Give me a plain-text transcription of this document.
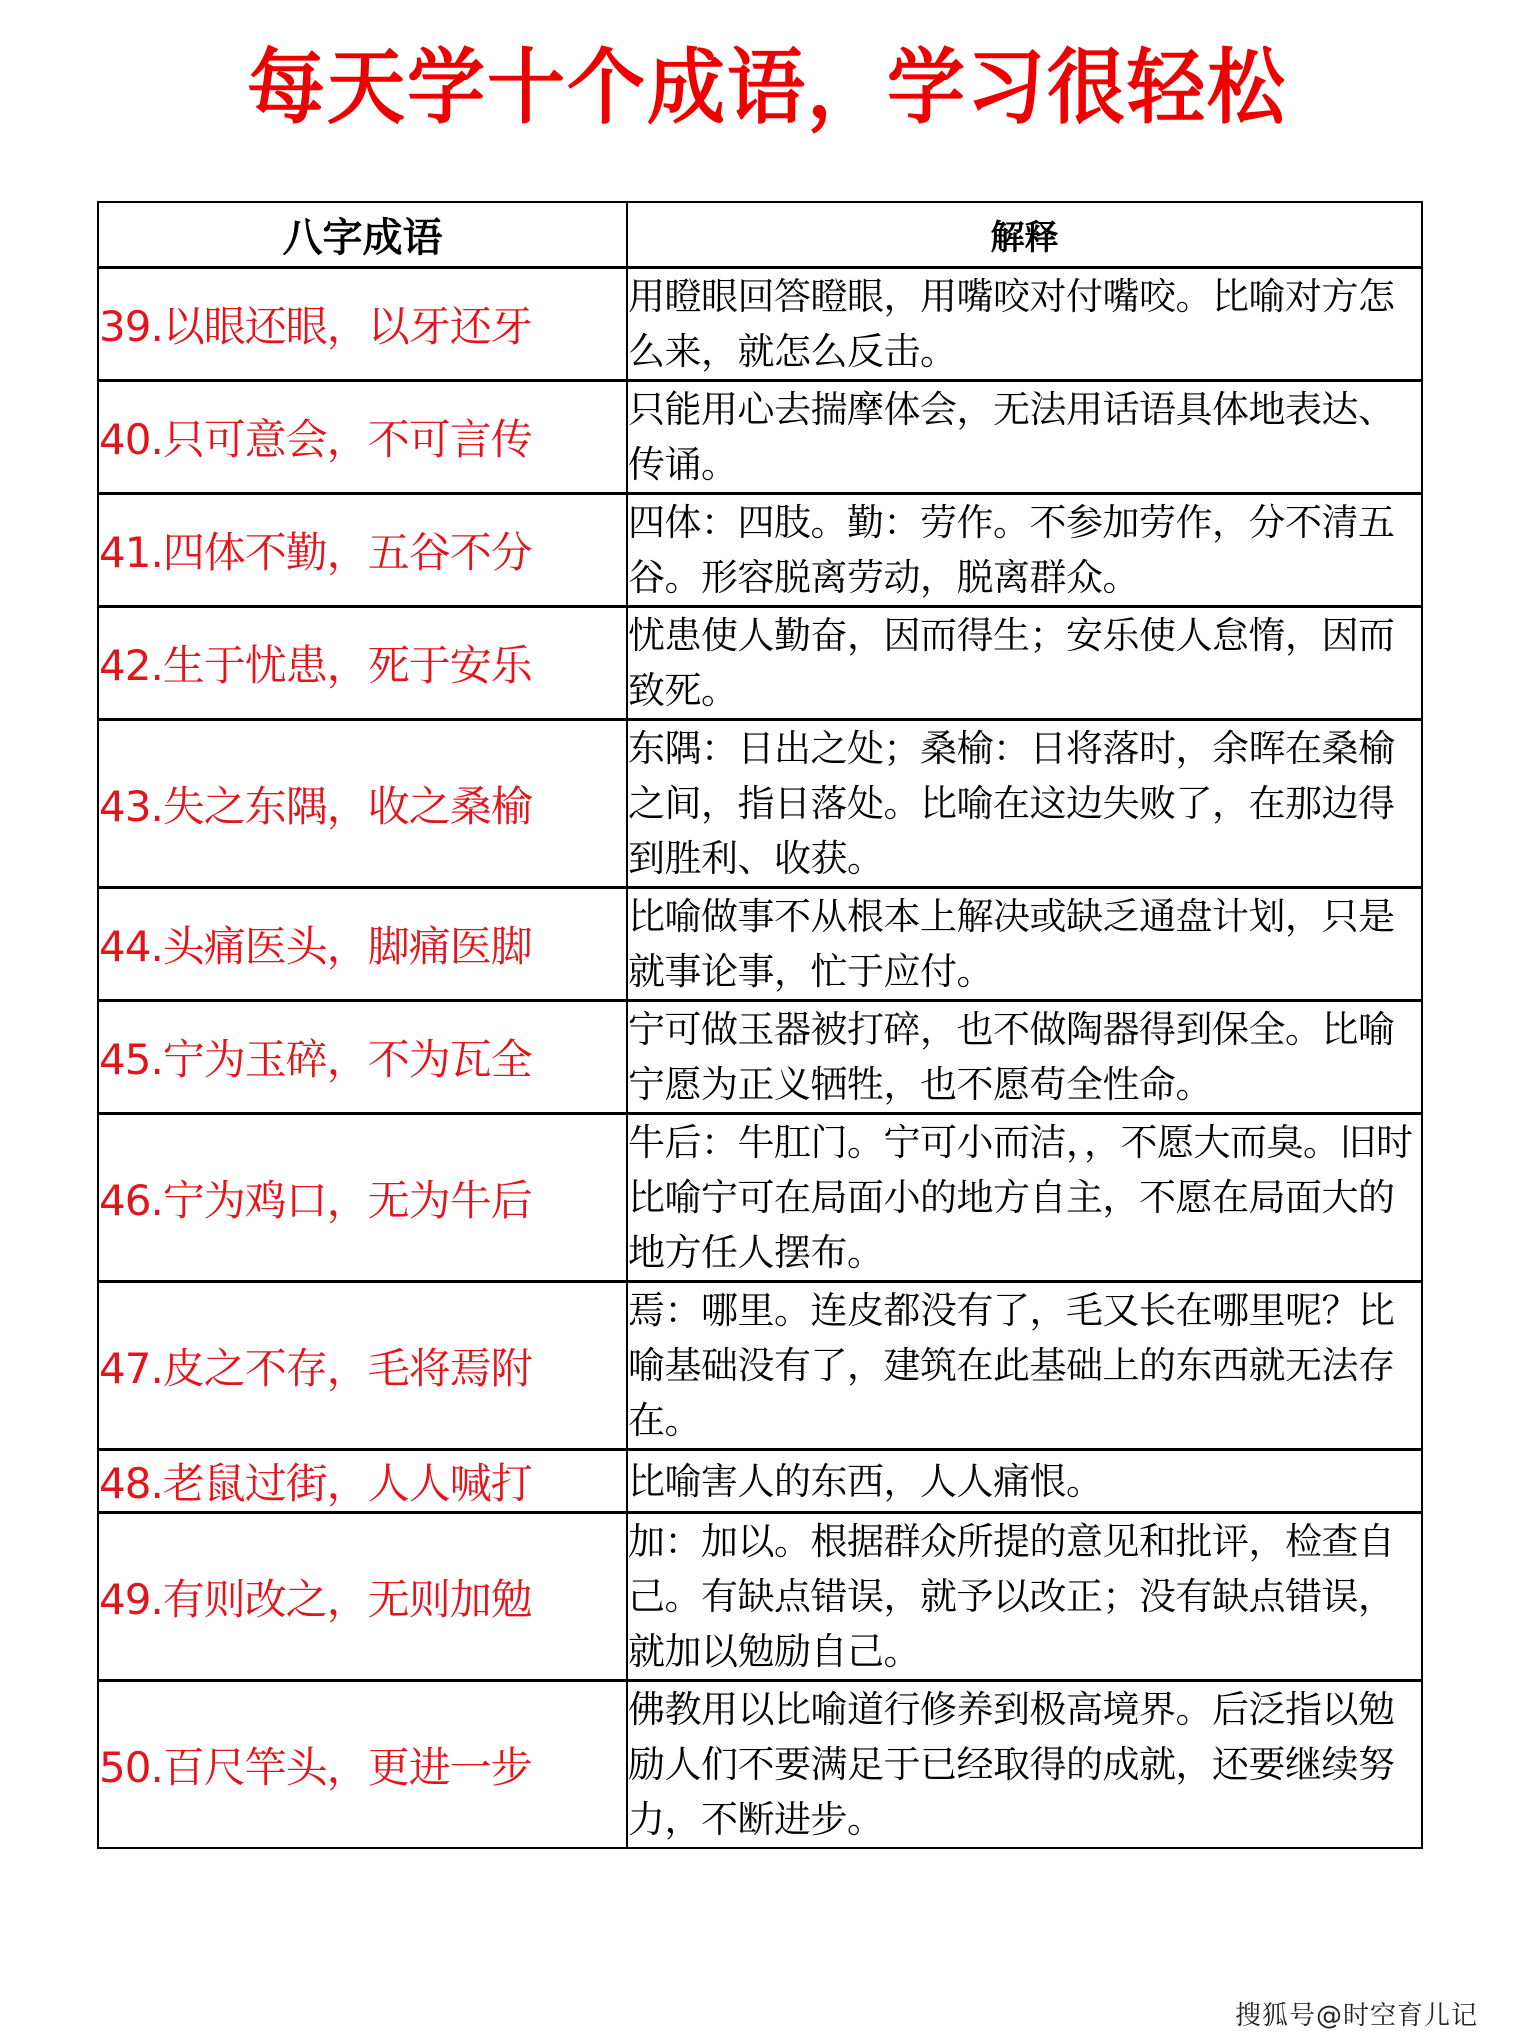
每天学十个成语，学习很轻松
八字成语	解释
39.以眼还眼，以牙还牙	用瞪眼回答瞪眼，用嘴咬对付嘴咬。比喻对方怎么来，就怎么反击。
40.只可意会，不可言传	只能用心去揣摩体会，无法用话语具体地表达、传诵。
41.四体不勤，五谷不分	四体：四肢。勤：劳作。不参加劳作，分不清五谷。形容脱离劳动，脱离群众。
42.生于忧患，死于安乐	忧患使人勤奋，因而得生；安乐使人怠惰，因而致死。
43.失之东隅，收之桑榆	东隅：日出之处；桑榆：日将落时，余晖在桑榆之间，指日落处。比喻在这边失败了，在那边得到胜利、收获。
44.头痛医头，脚痛医脚	比喻做事不从根本上解决或缺乏通盘计划，只是就事论事，忙于应付。
45.宁为玉碎，不为瓦全	宁可做玉器被打碎，也不做陶器得到保全。比喻宁愿为正义牺牲，也不愿苟全性命。
46.宁为鸡口，无为牛后	牛后：牛肛门。宁可小而洁，，不愿大而臭。旧时比喻宁可在局面小的地方自主，不愿在局面大的地方任人摆布。
47.皮之不存，毛将焉附	焉：哪里。连皮都没有了，毛又长在哪里呢？比喻基础没有了，建筑在此基础上的东西就无法存在。
48.老鼠过街，人人喊打	比喻害人的东西，人人痛恨。
49.有则改之，无则加勉	加：加以。根据群众所提的意见和批评，检查自己。有缺点错误，就予以改正；没有缺点错误，就加以勉励自己。
50.百尺竿头，更进一步	佛教用以比喻道行修养到极高境界。后泛指以勉励人们不要满足于已经取得的成就，还要继续努力，不断进步。
搜狐号@时空育儿记
